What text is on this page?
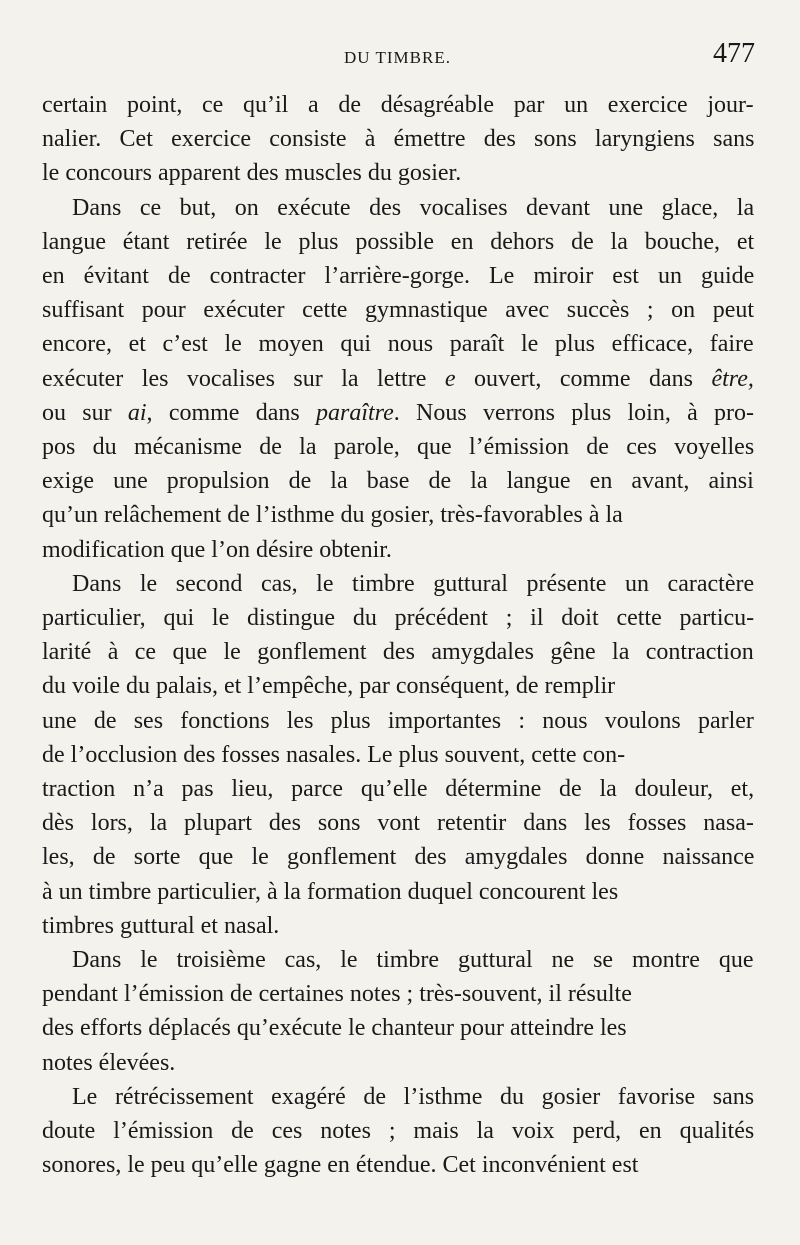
DU TIMBRE.	477

certain point, ce qu’il a de désagréable par un exercice jour-
nalier. Cet exercice consiste à émettre des sons laryngiens sans
le concours apparent des muscles du gosier.

Dans ce but, on exécute des vocalises devant une glace, la
langue étant retirée le plus possible en dehors de la bouche, et
en évitant de contracter l’arrière-gorge. Le miroir est un guide
suffisant pour exécuter cette gymnastique avec succès ; on peut
encore, et c’est le moyen qui nous paraît le plus efficace, faire
exécuter les vocalises sur la lettre e ouvert, comme dans être,
ou sur ai, comme dans paraître. Nous verrons plus loin, à pro-
pos du mécanisme de la parole, que l’émission de ces voyelles
exige une propulsion de la base de la langue en avant, ainsi
qu’un relâchement de l’isthme du gosier, très-favorables à la
modification que l’on désire obtenir.

Dans le second cas, le timbre guttural présente un caractère
particulier, qui le distingue du précédent ; il doit cette particu-
larité à ce que le gonflement des amygdales gêne la contraction
du voile du palais, et l’empêche, par conséquent, de remplir
une de ses fonctions les plus importantes : nous voulons parler
de l’occlusion des fosses nasales. Le plus souvent, cette con-
traction n’a pas lieu, parce qu’elle détermine de la douleur, et,
dès lors, la plupart des sons vont retentir dans les fosses nasa-
les, de sorte que le gonflement des amygdales donne naissance
à un timbre particulier, à la formation duquel concourent les
timbres guttural et nasal.

Dans le troisième cas, le timbre guttural ne se montre que
pendant l’émission de certaines notes ; très-souvent, il résulte
des efforts déplacés qu’exécute le chanteur pour atteindre les
notes élevées.

Le rétrécissement exagéré de l’isthme du gosier favorise sans
doute l’émission de ces notes ; mais la voix perd, en qualités
sonores, le peu qu’elle gagne en étendue. Cet inconvénient est
